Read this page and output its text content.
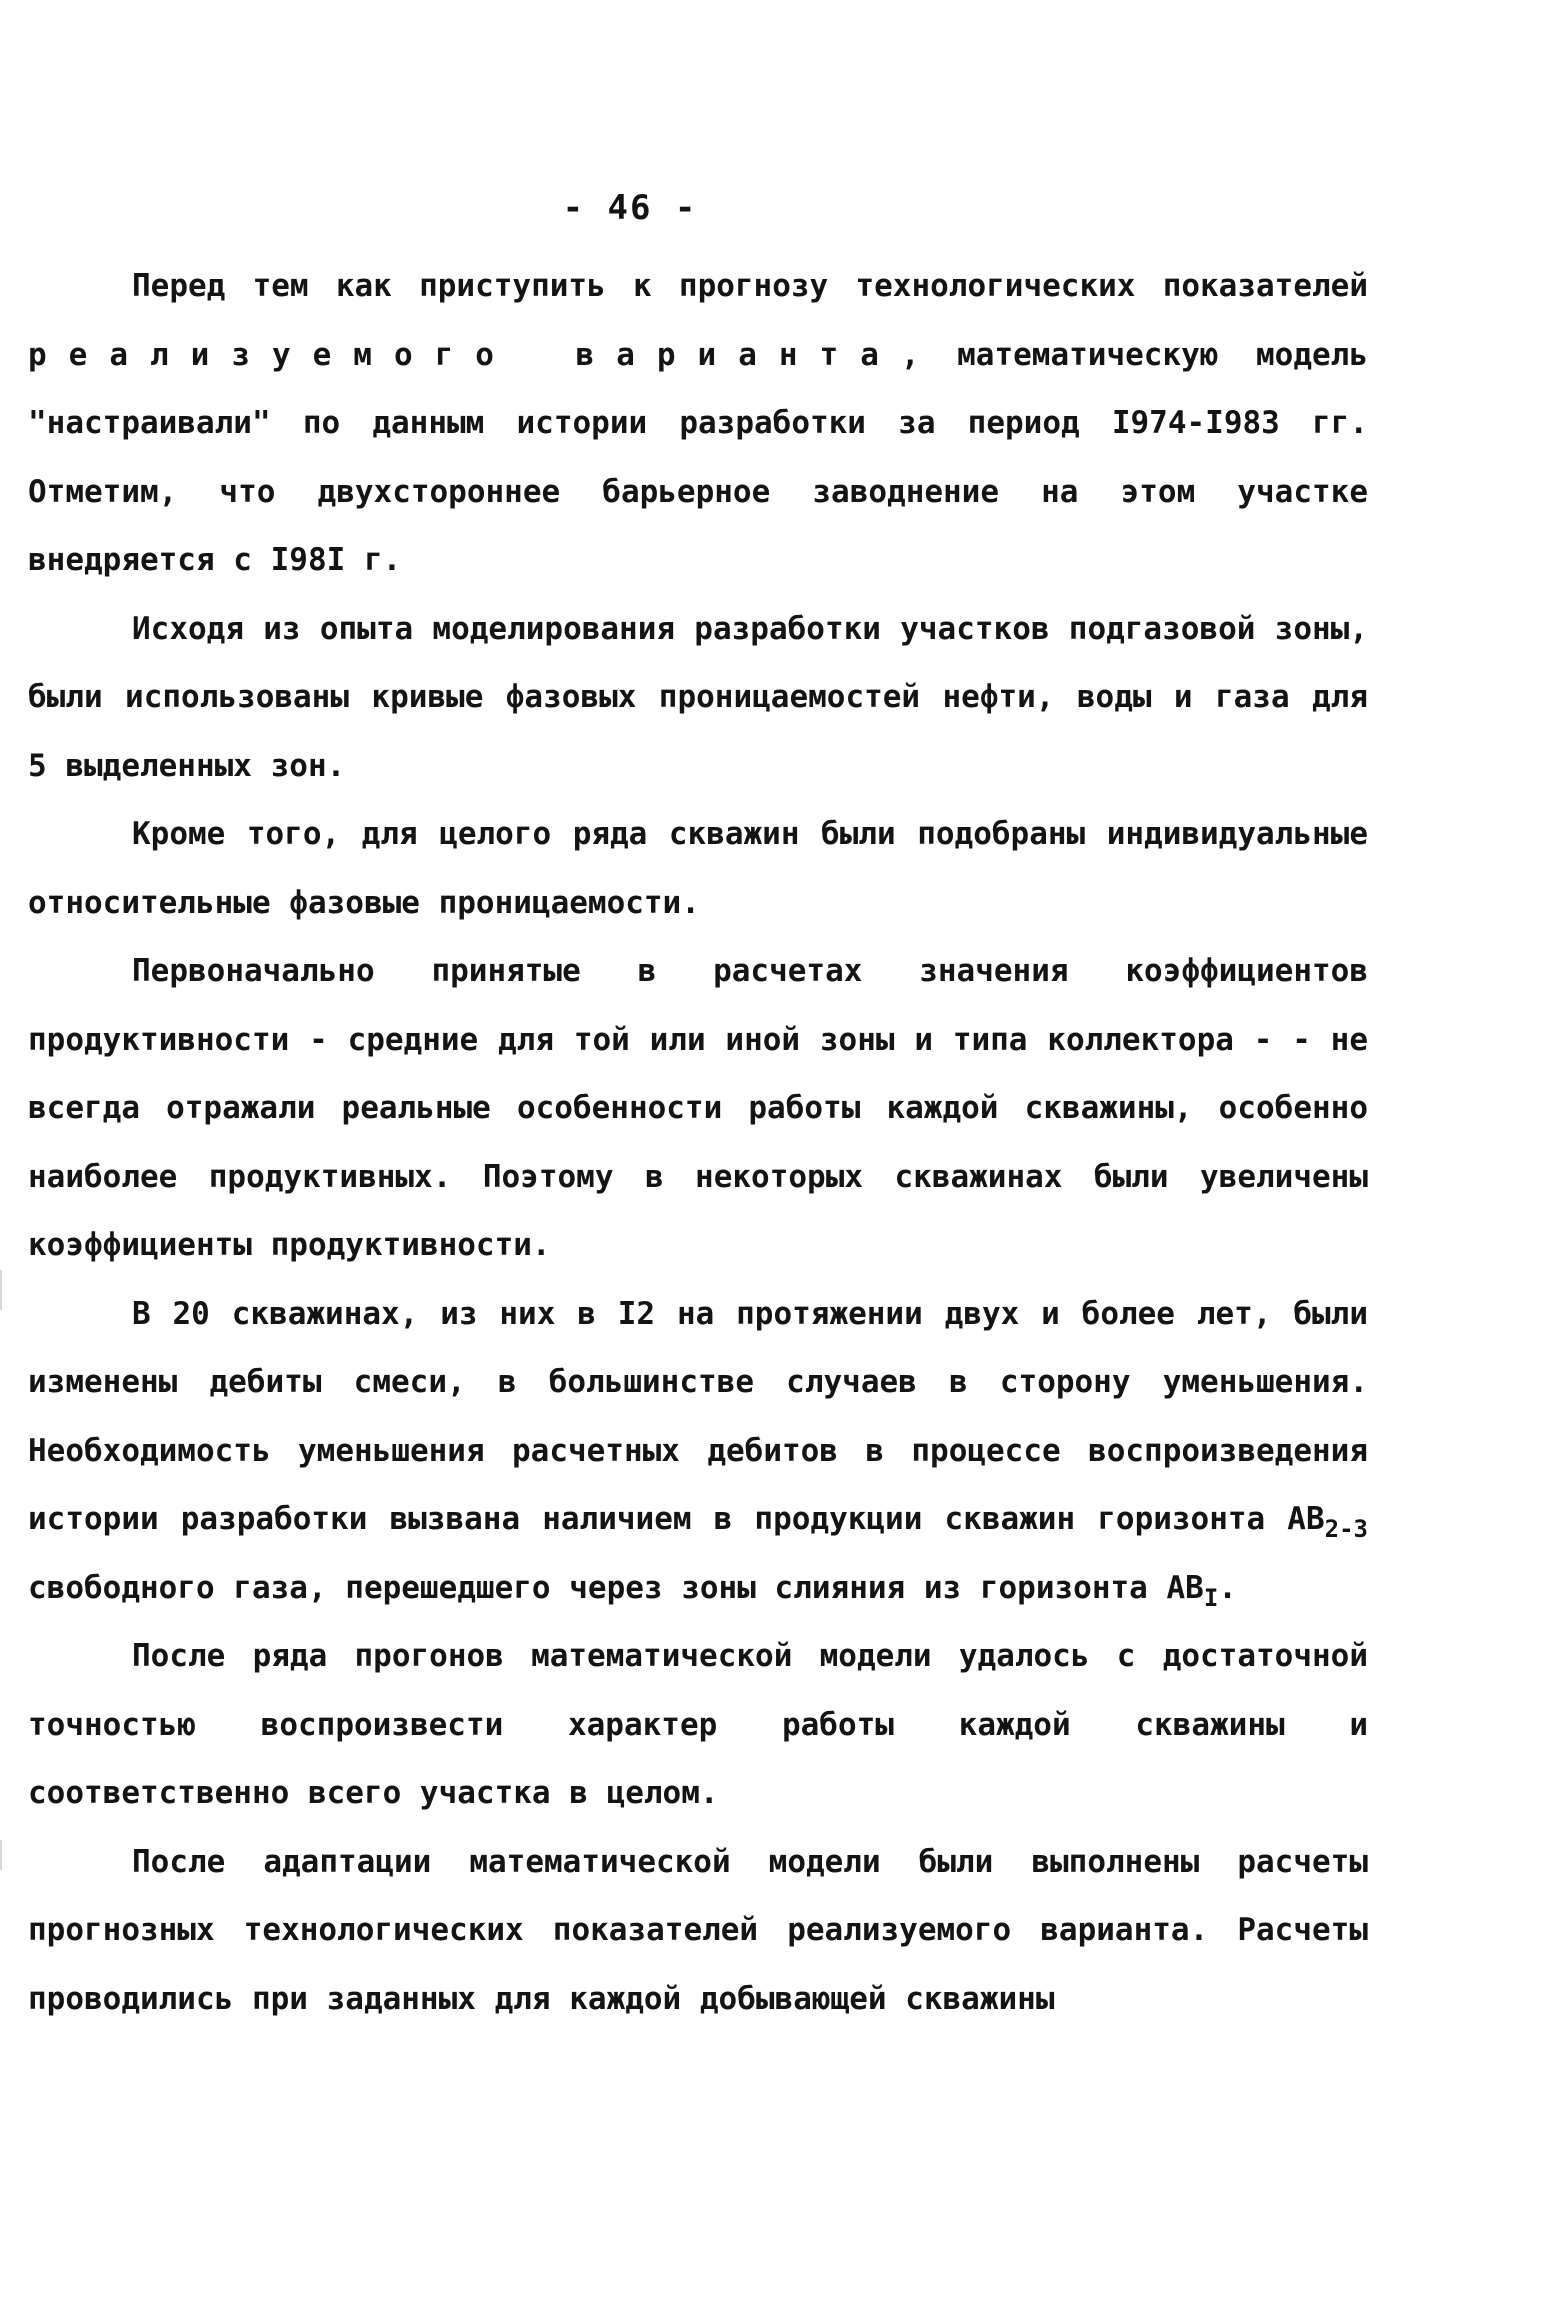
- 46 -

Перед тем как приступить к прогнозу технологических показателей реализуемого варианта, математическую модель "настраивали" по данным истории разработки за период I974-I983 гг. Отметим, что двухстороннее барьерное заводнение на этом участке внедряется с I98I г.

Исходя из опыта моделирования разработки участков подгазовой зоны, были использованы кривые фазовых проницаемостей нефти, воды и газа для 5 выделенных зон.

Кроме того, для целого ряда скважин были подобраны индивидуальные относительные фазовые проницаемости.

Первоначально принятые в расчетах значения коэффициентов продуктивности - средние для той или иной зоны и типа коллектора - - не всегда отражали реальные особенности работы каждой скважины, особенно наиболее продуктивных. Поэтому в некоторых скважинах были увеличены коэффициенты продуктивности.

В 20 скважинах, из них в I2 на протяжении двух и более лет, были изменены дебиты смеси, в большинстве случаев в сторону уменьшения. Необходимость уменьшения расчетных дебитов в процессе воспроизведения истории разработки вызвана наличием в продукции скважин горизонта $АВ_{2-3}$ свободного газа, перешедшего через зоны слияния из горизонта $АВ_I$.

После ряда прогонов математической модели удалось с достаточной точностью воспроизвести характер работы каждой скважины и соответственно всего участка в целом.

После адаптации математической модели были выполнены расчеты прогнозных технологических показателей реализуемого варианта. Расчеты проводились при заданных для каждой добывающей скважины
